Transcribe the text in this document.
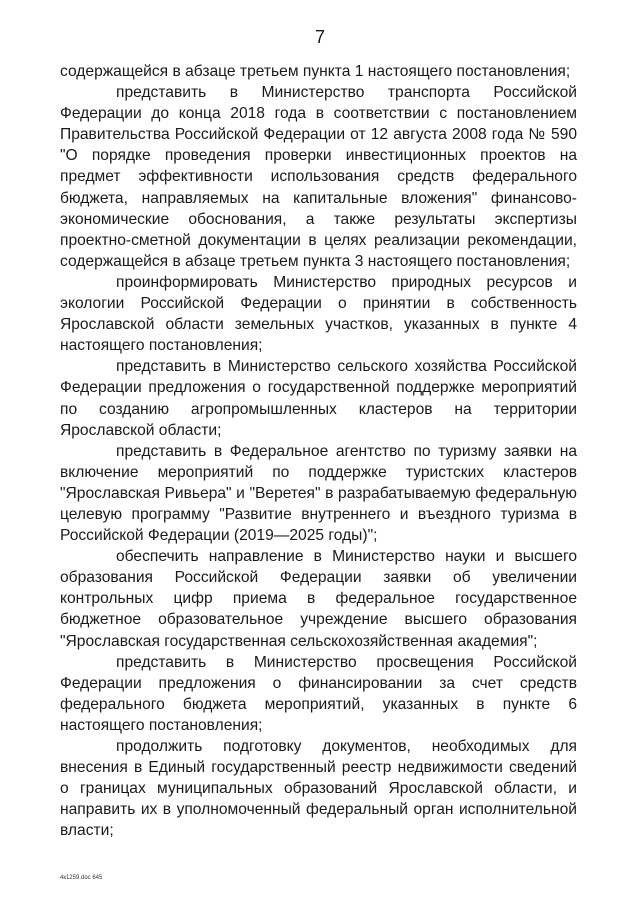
7

содержащейся в абзаце третьем пункта 1 настоящего постановления;

представить в Министерство транспорта Российской Федерации до конца 2018 года в соответствии с постановлением Правительства Российской Федерации от 12 августа 2008 года № 590 "О порядке проведения проверки инвестиционных проектов на предмет эффективности использования средств федерального бюджета, направляемых на капитальные вложения" финансово-экономические обоснования, а также результаты экспертизы проектно-сметной документации в целях реализации рекомендации, содержащейся в абзаце третьем пункта 3 настоящего постановления;

проинформировать Министерство природных ресурсов и экологии Российской Федерации о принятии в собственность Ярославской области земельных участков, указанных в пункте 4 настоящего постановления;

представить в Министерство сельского хозяйства Российской Федерации предложения о государственной поддержке мероприятий по созданию агропромышленных кластеров на территории Ярославской области;

представить в Федеральное агентство по туризму заявки на включение мероприятий по поддержке туристских кластеров "Ярославская Ривьера" и "Веретея" в разрабатываемую федеральную целевую программу "Развитие внутреннего и въездного туризма в Российской Федерации (2019—2025 годы)";

обеспечить направление в Министерство науки и высшего образования Российской Федерации заявки об увеличении контрольных цифр приема в федеральное государственное бюджетное образовательное учреждение высшего образования "Ярославская государственная сельскохозяйственная академия";

представить в Министерство просвещения Российской Федерации предложения о финансировании за счет средств федерального бюджета мероприятий, указанных в пункте 6 настоящего постановления;

продолжить подготовку документов, необходимых для внесения в Единый государственный реестр недвижимости сведений о границах муниципальных образований Ярославской области, и направить их в уполномоченный федеральный орган исполнительной власти;

4к1259.doc 645
